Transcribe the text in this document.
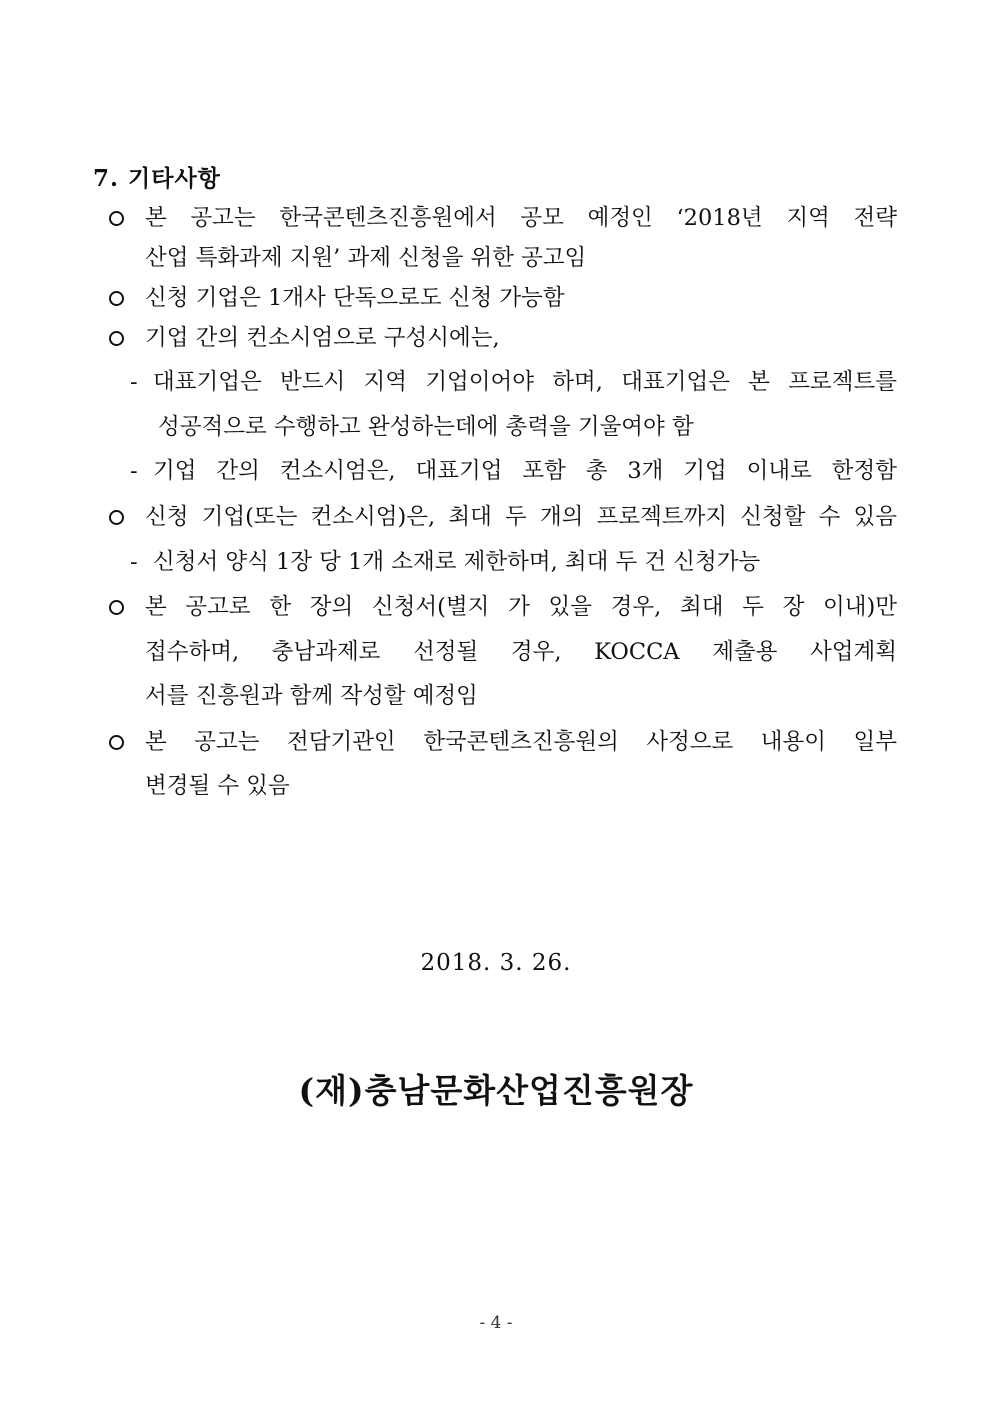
7. 기타사항
본 공고는 한국콘텐츠진흥원에서 공모 예정인 ‘2018년 지역 전략
산업 특화과제 지원’ 과제 신청을 위한 공고임
신청 기업은 1개사 단독으로도 신청 가능함
기업 간의 컨소시엄으로 구성시에는,
- 대표기업은 반드시 지역 기업이어야 하며, 대표기업은 본 프로젝트를
성공적으로 수행하고 완성하는데에 총력을 기울여야 함
- 기업 간의 컨소시엄은, 대표기업 포함 총 3개 기업 이내로 한정함
신청 기업(또는 컨소시엄)은, 최대 두 개의 프로젝트까지 신청할 수 있음
- 신청서 양식 1장 당 1개 소재로 제한하며, 최대 두 건 신청가능
본 공고로 한 장의 신청서(별지 가 있을 경우, 최대 두 장 이내)만
접수하며, 충남과제로 선정될 경우, KOCCA 제출용 사업계획
서를 진흥원과 함께 작성할 예정임
본 공고는 전담기관인 한국콘텐츠진흥원의 사정으로 내용이 일부
변경될 수 있음
2018. 3. 26.
(재)충남문화산업진흥원장
- 4 -
